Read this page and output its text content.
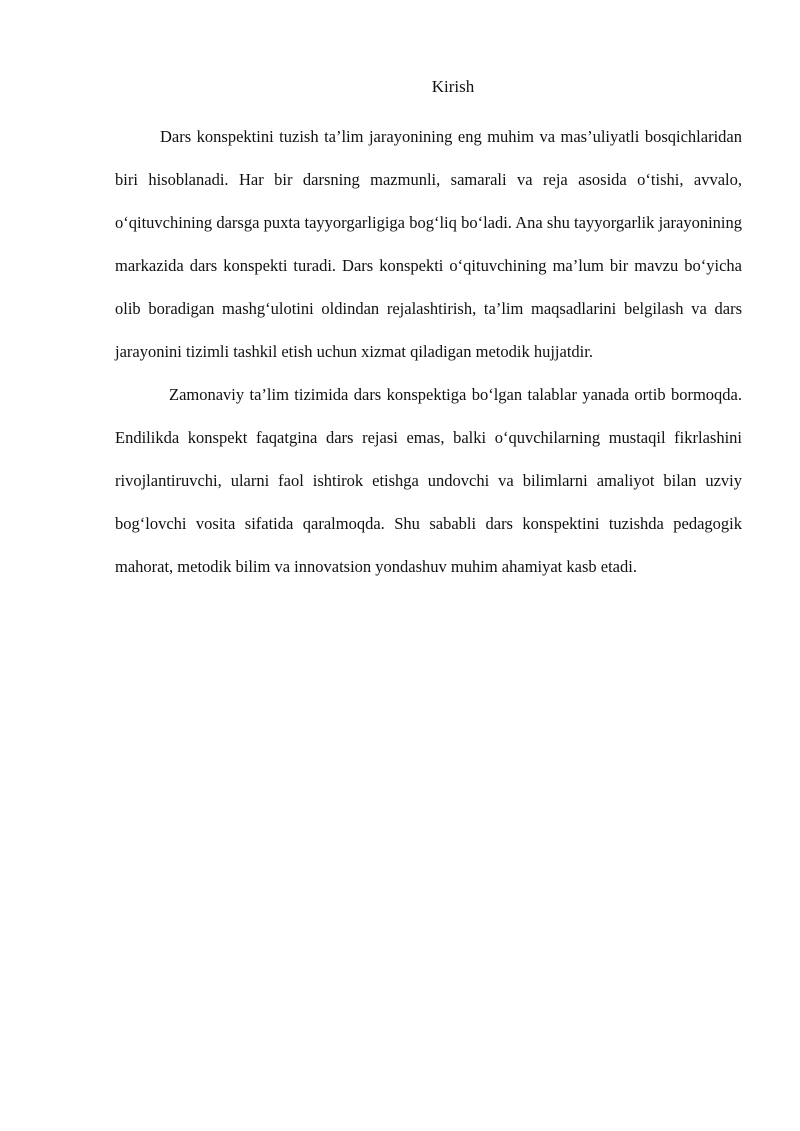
Kirish

Dars konspektini tuzish ta’lim jarayonining eng muhim va mas’uliyatli bosqichlaridan biri hisoblanadi. Har bir darsning mazmunli, samarali va reja asosida o‘tishi, avvalo, o‘qituvchining darsga puxta tayyorgarligiga bog‘liq bo‘ladi. Ana shu tayyorgarlik jarayonining markazida dars konspekti turadi. Dars konspekti o‘qituvchining ma’lum bir mavzu bo‘yicha olib boradigan mashg‘ulotini oldindan rejalashtirish, ta’lim maqsadlarini belgilash va dars jarayonini tizimli tashkil etish uchun xizmat qiladigan metodik hujjatdir.

Zamonaviy ta’lim tizimida dars konspektiga bo‘lgan talablar yanada ortib bormoqda. Endilikda konspekt faqatgina dars rejasi emas, balki o‘quvchilarning mustaqil fikrlashini rivojlantiruvchi, ularni faol ishtirok etishga undovchi va bilimlarni amaliyot bilan uzviy bog‘lovchi vosita sifatida qaralmoqda. Shu sababli dars konspektini tuzishda pedagogik mahorat, metodik bilim va innovatsion yondashuv muhim ahamiyat kasb etadi.
